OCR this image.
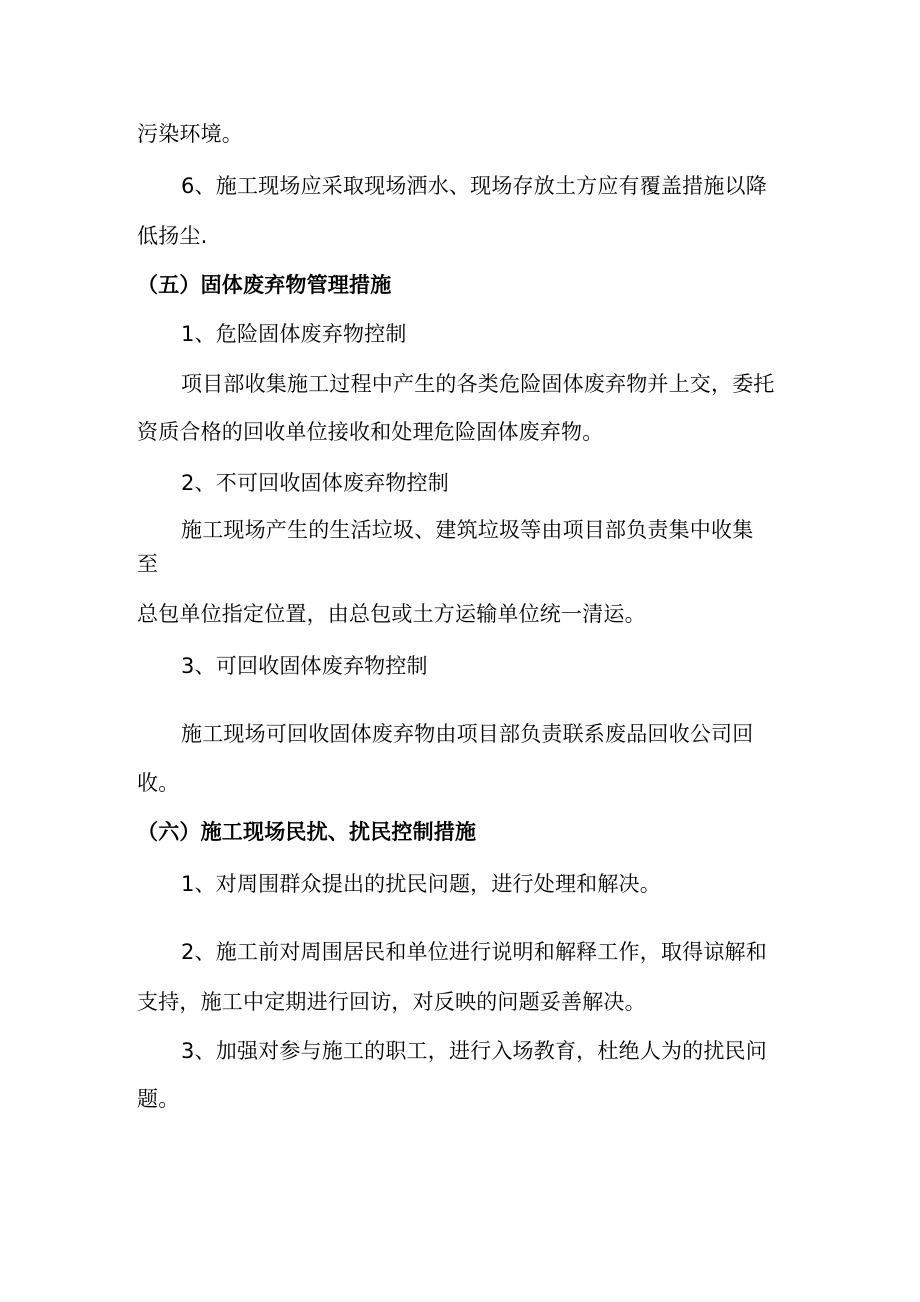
污染环境。
6、施工现场应采取现场洒水、现场存放土方应有覆盖措施以降
低扬尘.
（五）固体废弃物管理措施
1、危险固体废弃物控制
项目部收集施工过程中产生的各类危险固体废弃物并上交，委托
资质合格的回收单位接收和处理危险固体废弃物。
2、不可回收固体废弃物控制
施工现场产生的生活垃圾、建筑垃圾等由项目部负责集中收集
至
总包单位指定位置，由总包或土方运输单位统一清运。
3、可回收固体废弃物控制
施工现场可回收固体废弃物由项目部负责联系废品回收公司回
收。
（六）施工现场民扰、扰民控制措施
1、对周围群众提出的扰民问题，进行处理和解决。
2、施工前对周围居民和单位进行说明和解释工作，取得谅解和
支持，施工中定期进行回访，对反映的问题妥善解决。
3、加强对参与施工的职工，进行入场教育，杜绝人为的扰民问
题。
